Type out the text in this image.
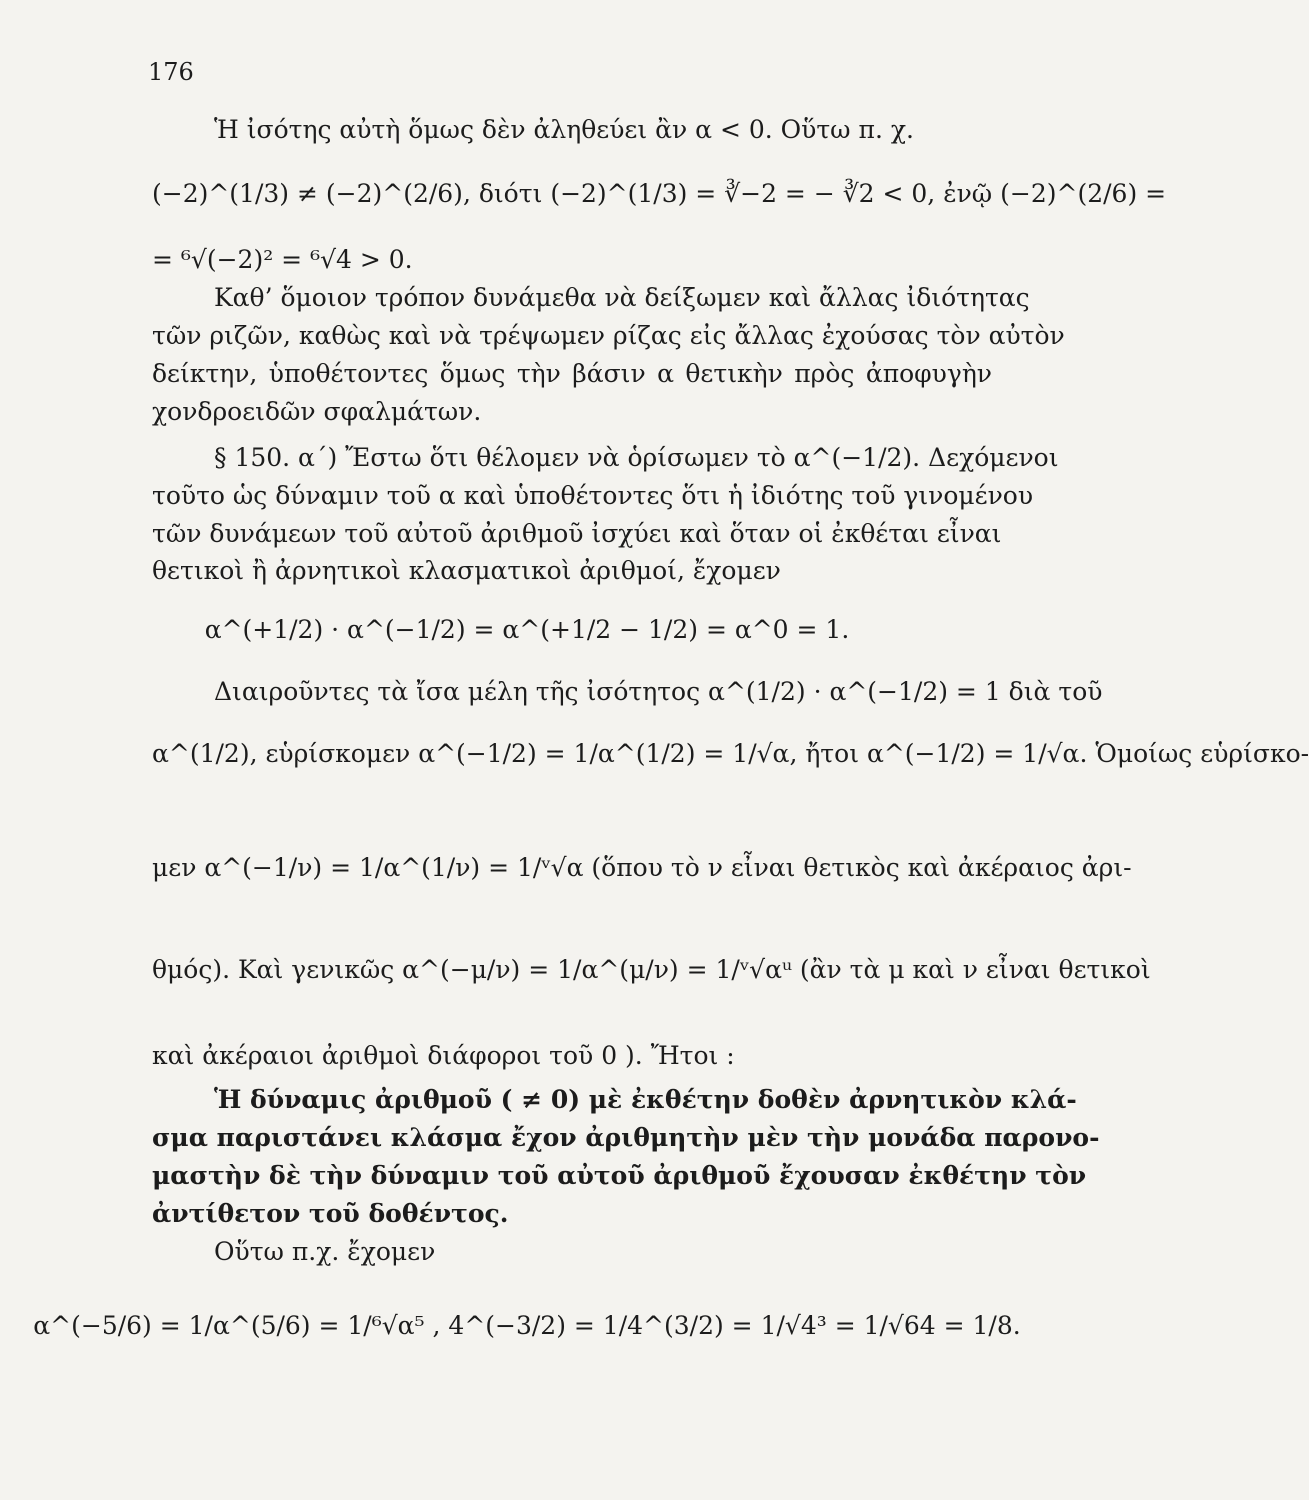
176
Ἡ ἰσότης αὐτὴ ὅμως δὲν ἀληθεύει ἂν α < 0. Οὕτω π. χ.
(−2)^(1/3) ≠ (−2)^(2/6), διότι (−2)^(1/3) = ∛−2 = − ∛2 < 0, ἐνῷ (−2)^(2/6) =
= ⁶√(−2)² = ⁶√4 > 0.
Καθ’ ὅμοιον τρόπον δυνάμεθα νὰ δείξωμεν καὶ ἄλλας ἰδιότητας
τῶν ριζῶν, καθὼς καὶ νὰ τρέψωμεν ρίζας εἰς ἄλλας ἐχούσας τὸν αὐτὸν
δείκτην, ὑποθέτοντες ὅμως τὴν βάσιν α θετικὴν πρὸς ἀποφυγὴν
χονδροειδῶν σφαλμάτων.
§ 150. α΄) Ἔστω ὅτι θέλομεν νὰ ὁρίσωμεν τὸ α^(−1/2). Δεχόμενοι
τοῦτο ὡς δύναμιν τοῦ α καὶ ὑποθέτοντες ὅτι ἡ ἰδιότης τοῦ γινομένου
τῶν δυνάμεων τοῦ αὐτοῦ ἀριθμοῦ ἰσχύει καὶ ὅταν οἱ ἐκθέται εἶναι
θετικοὶ ἢ ἀρνητικοὶ κλασματικοὶ ἀριθμοί, ἔχομεν
α^(+1/2) · α^(−1/2) = α^(+1/2 − 1/2) = α^0 = 1.
Διαιροῦντες τὰ ἴσα μέλη τῆς ἰσότητος α^(1/2) · α^(−1/2) = 1 διὰ τοῦ
α^(1/2), εὑρίσκομεν α^(−1/2) = 1/α^(1/2) = 1/√α, ἤτοι α^(−1/2) = 1/√α. Ὁμοίως εὑρίσκο-
μεν α^(−1/ν) = 1/α^(1/ν) = 1/ᵛ√α (ὅπου τὸ ν εἶναι θετικὸς καὶ ἀκέραιος ἀρι-
θμός). Καὶ γενικῶς α^(−μ/ν) = 1/α^(μ/ν) = 1/ᵛ√αᵘ (ἂν τὰ μ καὶ ν εἶναι θετικοὶ
καὶ ἀκέραιοι ἀριθμοὶ διάφοροι τοῦ 0 ). Ἤτοι :
Ἡ δύναμις ἀριθμοῦ ( ≠ 0) μὲ ἐκθέτην δοθὲν ἀρνητικὸν κλά-
σμα παριστάνει κλάσμα ἔχον ἀριθμητὴν μὲν τὴν μονάδα παρονο-
μαστὴν δὲ τὴν δύναμιν τοῦ αὐτοῦ ἀριθμοῦ ἔχουσαν ἐκθέτην τὸν
ἀντίθετον τοῦ δοθέντος.
Οὕτω π.χ. ἔχομεν
α^(−5/6) = 1/α^(5/6) = 1/⁶√α⁵ , 4^(−3/2) = 1/4^(3/2) = 1/√4³ = 1/√64 = 1/8.
